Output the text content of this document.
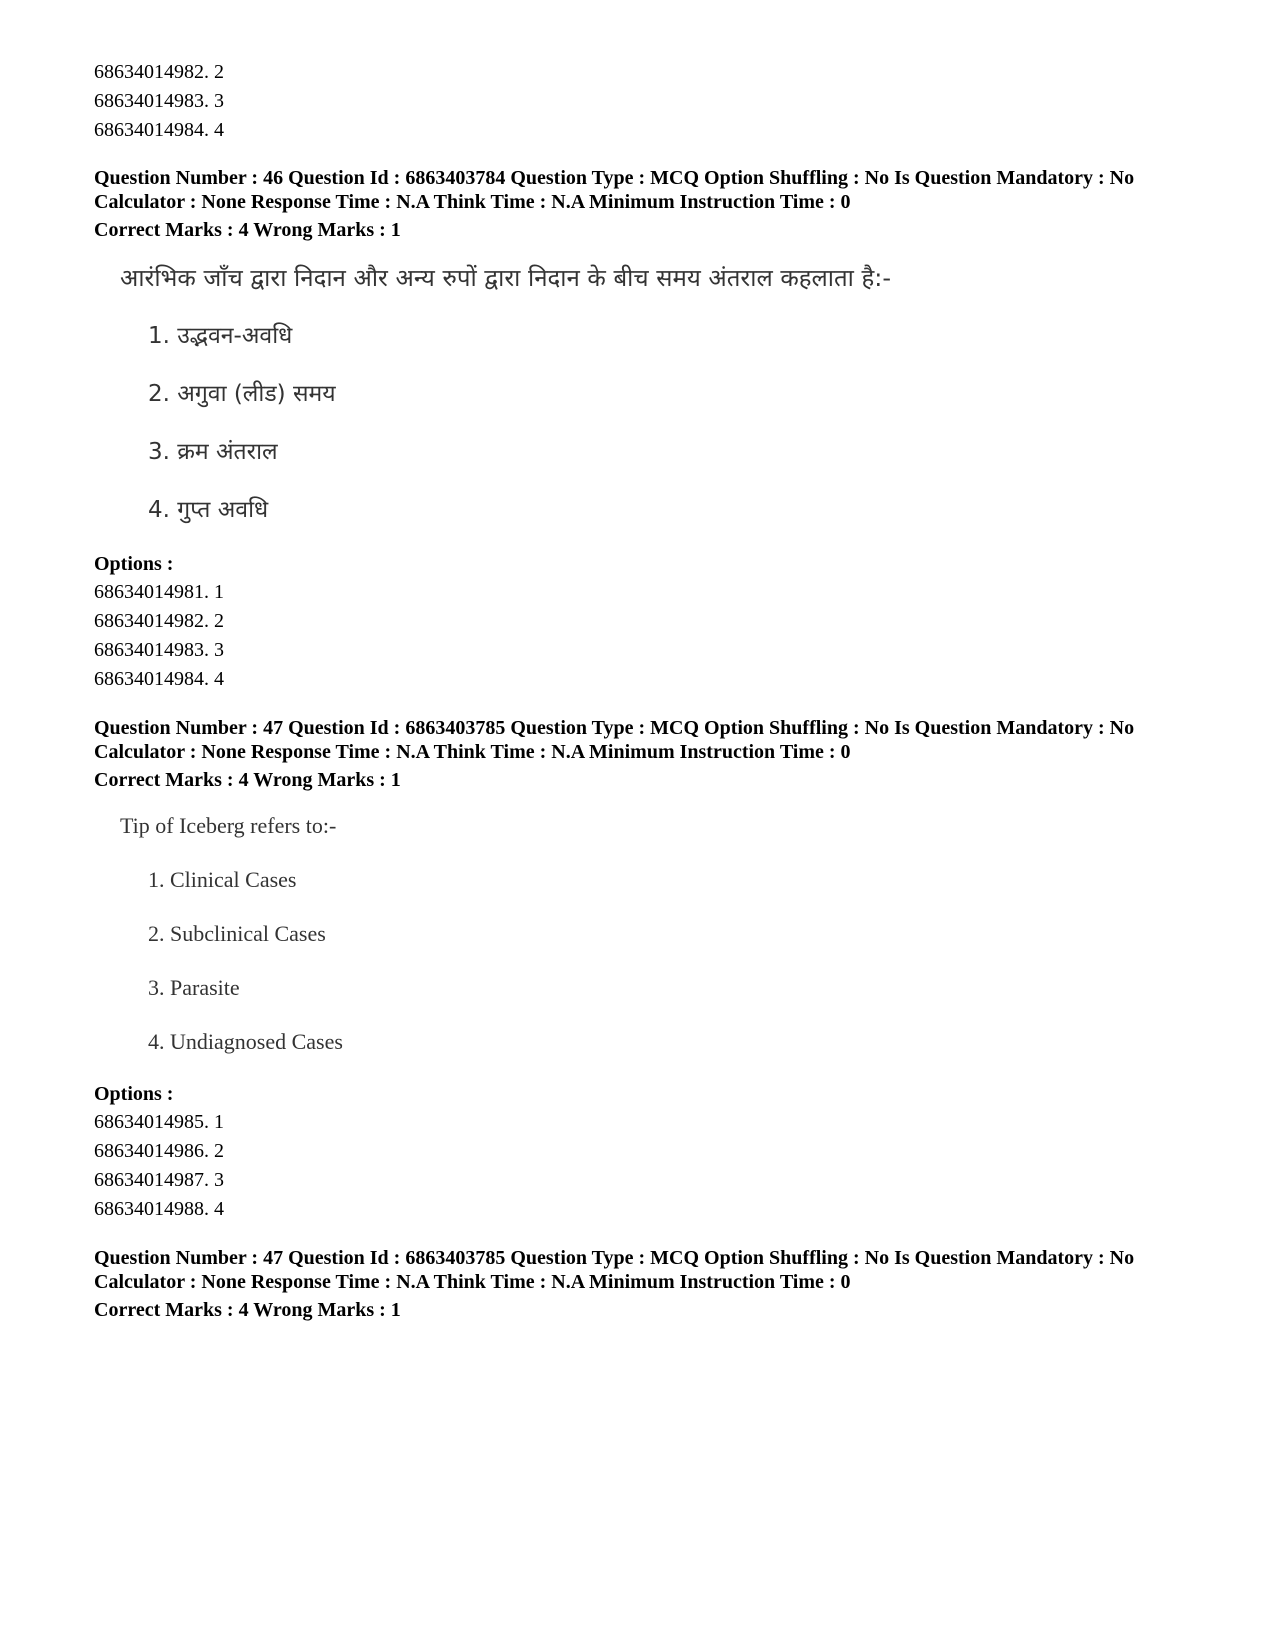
68634014982. 2
68634014983. 3
68634014984. 4
Question Number : 46 Question Id : 6863403784 Question Type : MCQ Option Shuffling : No Is Question Mandatory : No Calculator : None Response Time : N.A Think Time : N.A Minimum Instruction Time : 0
Correct Marks : 4 Wrong Marks : 1
आरंभिक जाँच द्वारा निदान और अन्य रुपों द्वारा निदान के बीच समय अंतराल कहलाता है:-
1. उद्भवन-अवधि
2. अगुवा (लीड) समय
3. क्रम अंतराल
4. गुप्त अवधि
Options :
68634014981. 1
68634014982. 2
68634014983. 3
68634014984. 4
Question Number : 47 Question Id : 6863403785 Question Type : MCQ Option Shuffling : No Is Question Mandatory : No Calculator : None Response Time : N.A Think Time : N.A Minimum Instruction Time : 0
Correct Marks : 4 Wrong Marks : 1
Tip of Iceberg refers to:-
1. Clinical Cases
2. Subclinical Cases
3. Parasite
4. Undiagnosed Cases
Options :
68634014985. 1
68634014986. 2
68634014987. 3
68634014988. 4
Question Number : 47 Question Id : 6863403785 Question Type : MCQ Option Shuffling : No Is Question Mandatory : No Calculator : None Response Time : N.A Think Time : N.A Minimum Instruction Time : 0
Correct Marks : 4 Wrong Marks : 1
